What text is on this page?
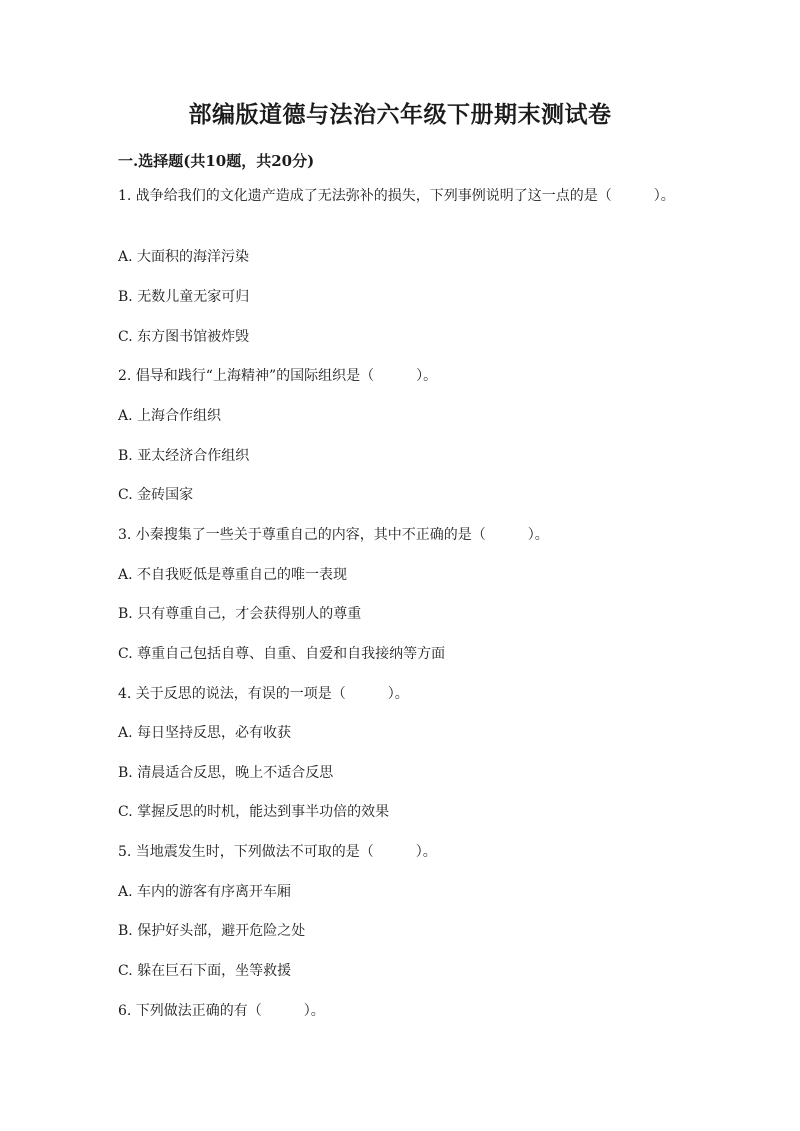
部编版道德与法治六年级下册期末测试卷

一.选择题(共10题，共20分)

1. 战争给我们的文化遗产造成了无法弥补的损失，下列事例说明了这一点的是（　　　）。

A. 大面积的海洋污染

B. 无数儿童无家可归

C. 东方图书馆被炸毁

2. 倡导和践行“上海精神”的国际组织是（　　　）。

A. 上海合作组织

B. 亚太经济合作组织

C. 金砖国家

3. 小秦搜集了一些关于尊重自己的内容，其中不正确的是（　　　）。

A. 不自我贬低是尊重自己的唯一表现

B. 只有尊重自己，才会获得别人的尊重

C. 尊重自己包括自尊、自重、自爱和自我接纳等方面

4. 关于反思的说法，有误的一项是（　　　）。

A. 每日坚持反思，必有收获

B. 清晨适合反思，晚上不适合反思

C. 掌握反思的时机，能达到事半功倍的效果

5. 当地震发生时，下列做法不可取的是（　　　）。

A. 车内的游客有序离开车厢

B. 保护好头部，避开危险之处

C. 躲在巨石下面，坐等救援

6. 下列做法正确的有（　　　）。
